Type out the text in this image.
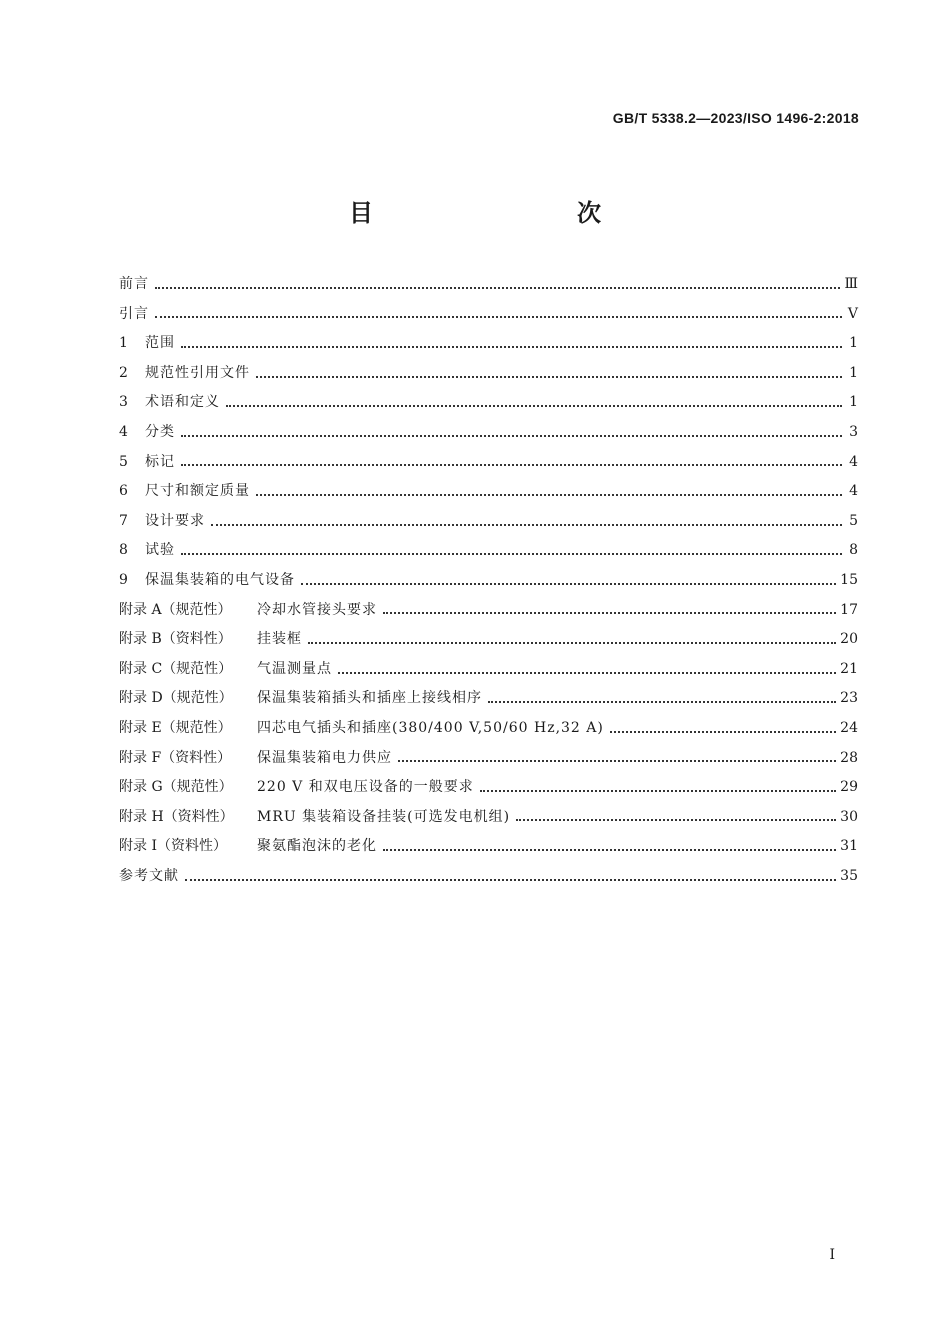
GB/T 5338.2—2023/ISO 1496-2:2018
目　　次
前言	Ⅲ
引言	Ⅴ
1	范围	1
2	规范性引用文件	1
3	术语和定义	1
4	分类	3
5	标记	4
6	尺寸和额定质量	4
7	设计要求	5
8	试验	8
9	保温集装箱的电气设备	15
附录 A（规范性）	冷却水管接头要求	17
附录 B（资料性）	挂装框	20
附录 C（规范性）	气温测量点	21
附录 D（规范性）	保温集装箱插头和插座上接线相序	23
附录 E（规范性）	四芯电气插头和插座(380/400 V,50/60 Hz,32 A)	24
附录 F（资料性）	保温集装箱电力供应	28
附录 G（规范性）	220 V 和双电压设备的一般要求	29
附录 H（资料性）	MRU 集装箱设备挂装(可选发电机组)	30
附录 I（资料性）	聚氨酯泡沫的老化	31
参考文献	35
I
